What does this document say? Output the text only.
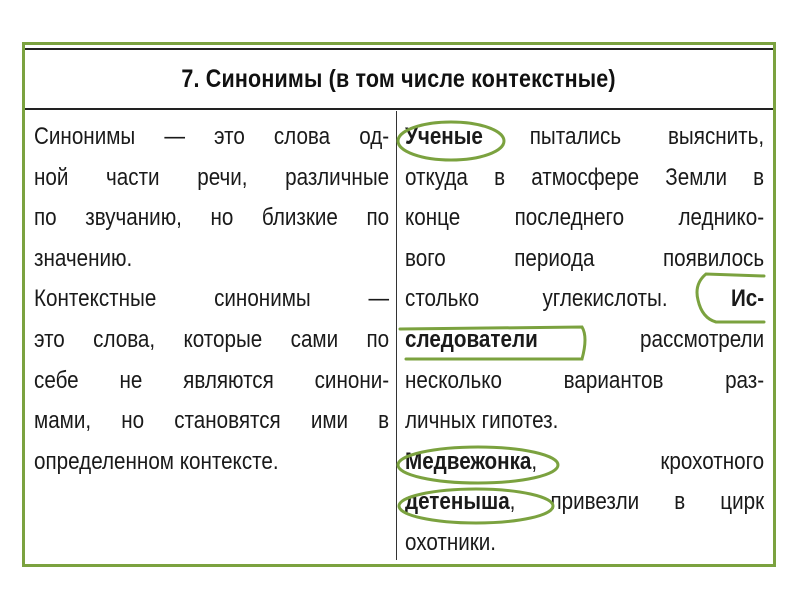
7. Синонимы (в том числе контекстные)
Синонимы — это слова од-
ной части речи, различные
по звучанию, но близкие по
значению.
Контекстные синонимы —
это слова, которые сами по
себе не являются синони-
мами, но становятся ими в
определенном контексте.
Ученые пытались выяснить,
откуда в атмосфере Земли в
конце последнего леднико-
вого периода появилось
столько углекислоты. Ис-
следователи рассмотрели
несколько вариантов раз-
личных гипотез.
Медвежонка, крохотного
детеныша, привезли в цирк
охотники.
